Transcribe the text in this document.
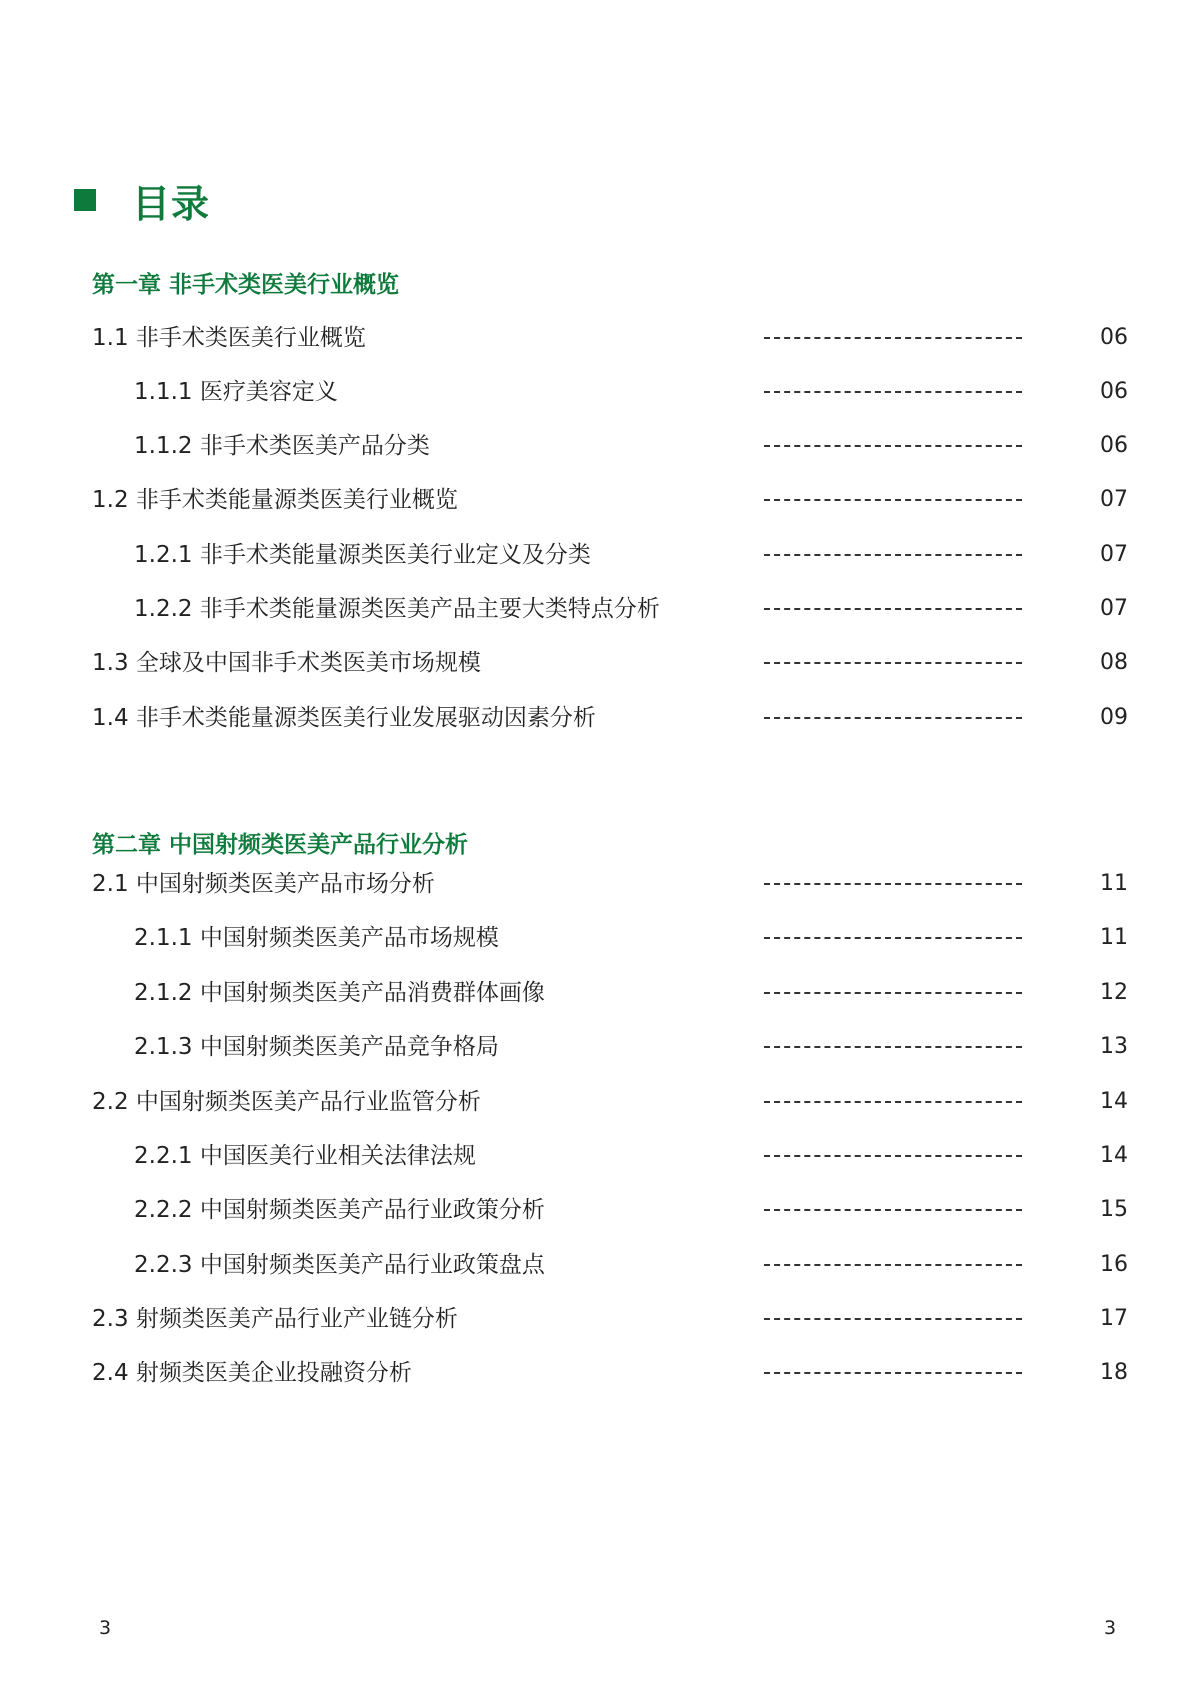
目录
第一章 非手术类医美行业概览
1.1 非手术类医美行业概览	06
1.1.1 医疗美容定义	06
1.1.2 非手术类医美产品分类	06
1.2 非手术类能量源类医美行业概览	07
1.2.1 非手术类能量源类医美行业定义及分类	07
1.2.2 非手术类能量源类医美产品主要大类特点分析	07
1.3 全球及中国非手术类医美市场规模	08
1.4 非手术类能量源类医美行业发展驱动因素分析	09
第二章 中国射频类医美产品行业分析
2.1 中国射频类医美产品市场分析	11
2.1.1 中国射频类医美产品市场规模	11
2.1.2 中国射频类医美产品消费群体画像	12
2.1.3 中国射频类医美产品竞争格局	13
2.2 中国射频类医美产品行业监管分析	14
2.2.1 中国医美行业相关法律法规	14
2.2.2 中国射频类医美产品行业政策分析	15
2.2.3 中国射频类医美产品行业政策盘点	16
2.3 射频类医美产品行业产业链分析	17
2.4 射频类医美企业投融资分析	18
3	3
